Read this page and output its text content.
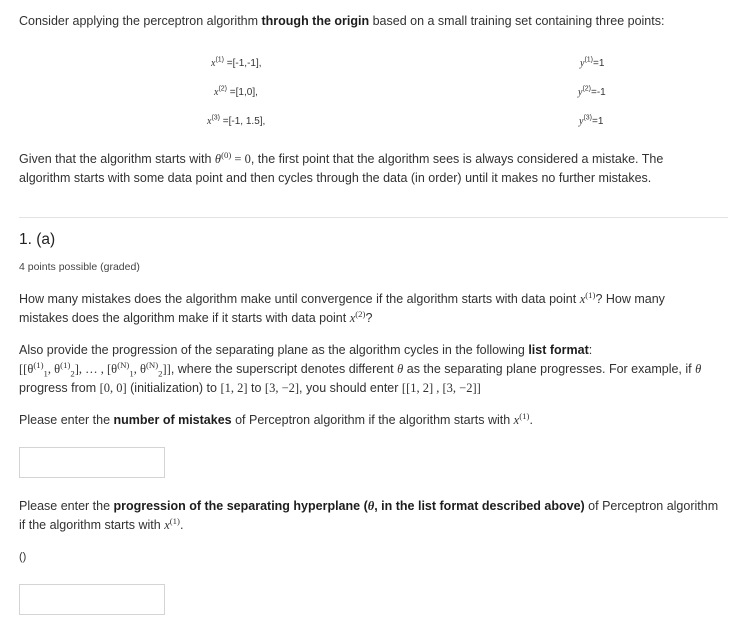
Consider applying the perceptron algorithm through the origin based on a small training set containing three points:
$x^{(1)} =[-1,-1]$,	$y^{(1)}=1$
$x^{(2)} =[1,0]$,	$y^{(2)}=-1$
$x^{(3)} =[-1$, 1.5],	$y^{(3)}=1$
Given that the algorithm starts with $\theta^{(0)} = 0$, the first point that the algorithm sees is always considered a mistake. The
algorithm starts with some data point and then cycles through the data (in order) until it makes no further mistakes.
1. (a)
4 points possible (graded)
How many mistakes does the algorithm make until convergence if the algorithm starts with data point $x^{(1)}$? How many
mistakes does the algorithm make if it starts with data point $x^{(2)}$?
Also provide the progression of the separating plane as the algorithm cycles in the following list format:
[[$\theta^{(1)}_1$, $\theta^{(1)}_2$], … , [$\theta^{(N)}_1$, $\theta^{(N)}_2$]], where the superscript denotes different θ as the separating plane progresses. For example, if θ
progress from [0, 0] (initialization) to [1, 2] to [3, −2], you should enter [[1, 2] , [3, −2]]
Please enter the number of mistakes of Perceptron algorithm if the algorithm starts with $x^{(1)}$.
Please enter the progression of the separating hyperplane (θ, in the list format described above) of Perceptron algorithm
if the algorithm starts with $x^{(1)}$.
()
